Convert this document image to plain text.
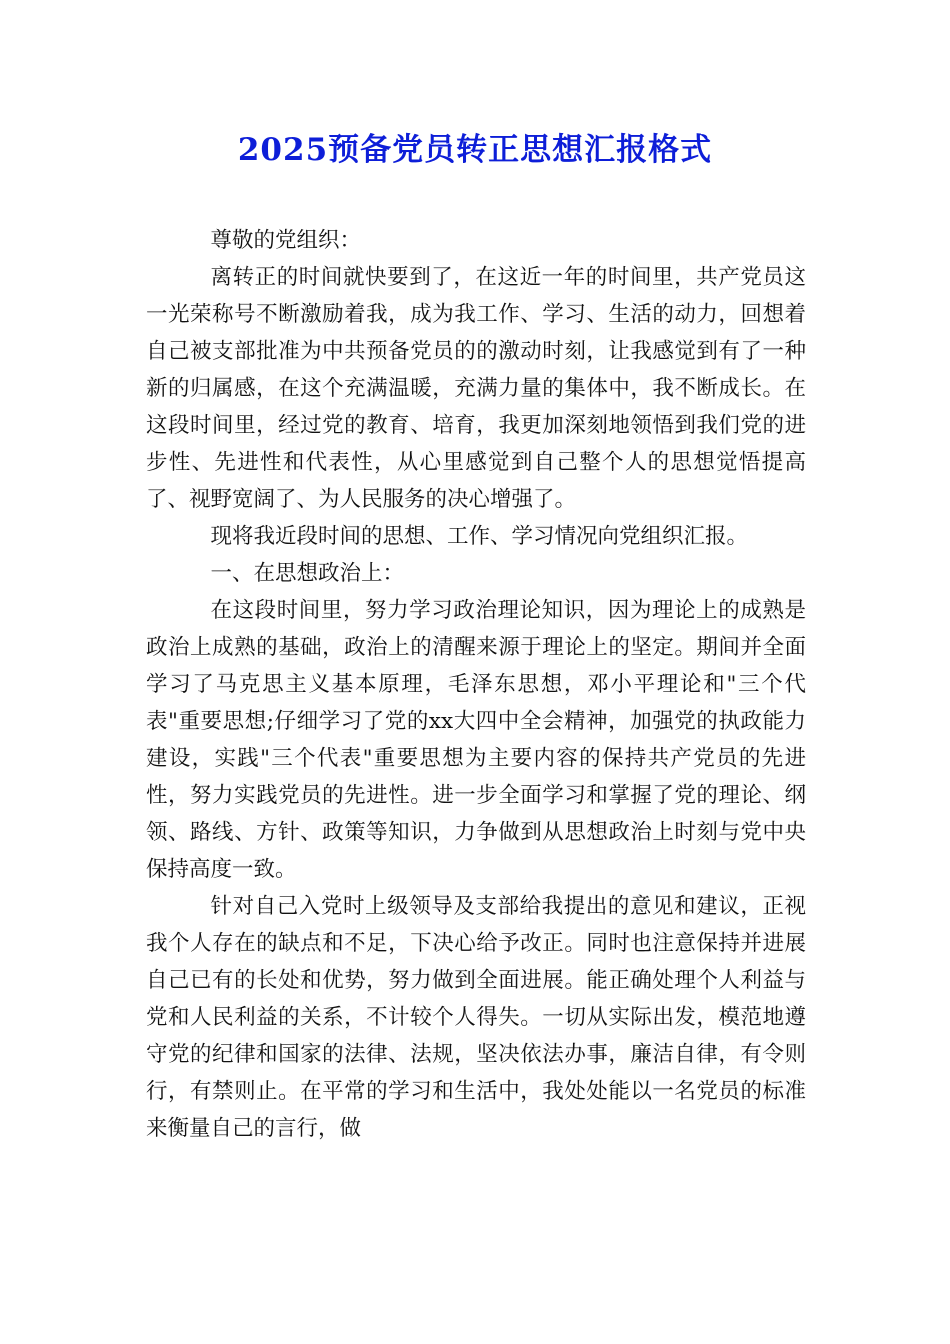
2025预备党员转正思想汇报格式

尊敬的党组织：

离转正的时间就快要到了，在这近一年的时间里，共产党员这一光荣称号不断激励着我，成为我工作、学习、生活的动力，回想着自己被支部批准为中共预备党员的的激动时刻，让我感觉到有了一种新的归属感，在这个充满温暖，充满力量的集体中，我不断成长。在这段时间里，经过党的教育、培育，我更加深刻地领悟到我们党的进步性、先进性和代表性，从心里感觉到自己整个人的思想觉悟提高了、视野宽阔了、为人民服务的决心增强了。

现将我近段时间的思想、工作、学习情况向党组织汇报。

一、在思想政治上：

在这段时间里，努力学习政治理论知识，因为理论上的成熟是政治上成熟的基础，政治上的清醒来源于理论上的坚定。期间并全面学习了马克思主义基本原理，毛泽东思想，邓小平理论和"三个代表"重要思想;仔细学习了党的xx大四中全会精神，加强党的执政能力建设，实践"三个代表"重要思想为主要内容的保持共产党员的先进性，努力实践党员的先进性。进一步全面学习和掌握了党的理论、纲领、路线、方针、政策等知识，力争做到从思想政治上时刻与党中央保持高度一致。

针对自己入党时上级领导及支部给我提出的意见和建议，正视我个人存在的缺点和不足，下决心给予改正。同时也注意保持并进展自己已有的长处和优势，努力做到全面进展。能正确处理个人利益与党和人民利益的关系，不计较个人得失。一切从实际出发，模范地遵守党的纪律和国家的法律、法规，坚决依法办事，廉洁自律，有令则行，有禁则止。在平常的学习和生活中，我处处能以一名党员的标准来衡量自己的言行，做
